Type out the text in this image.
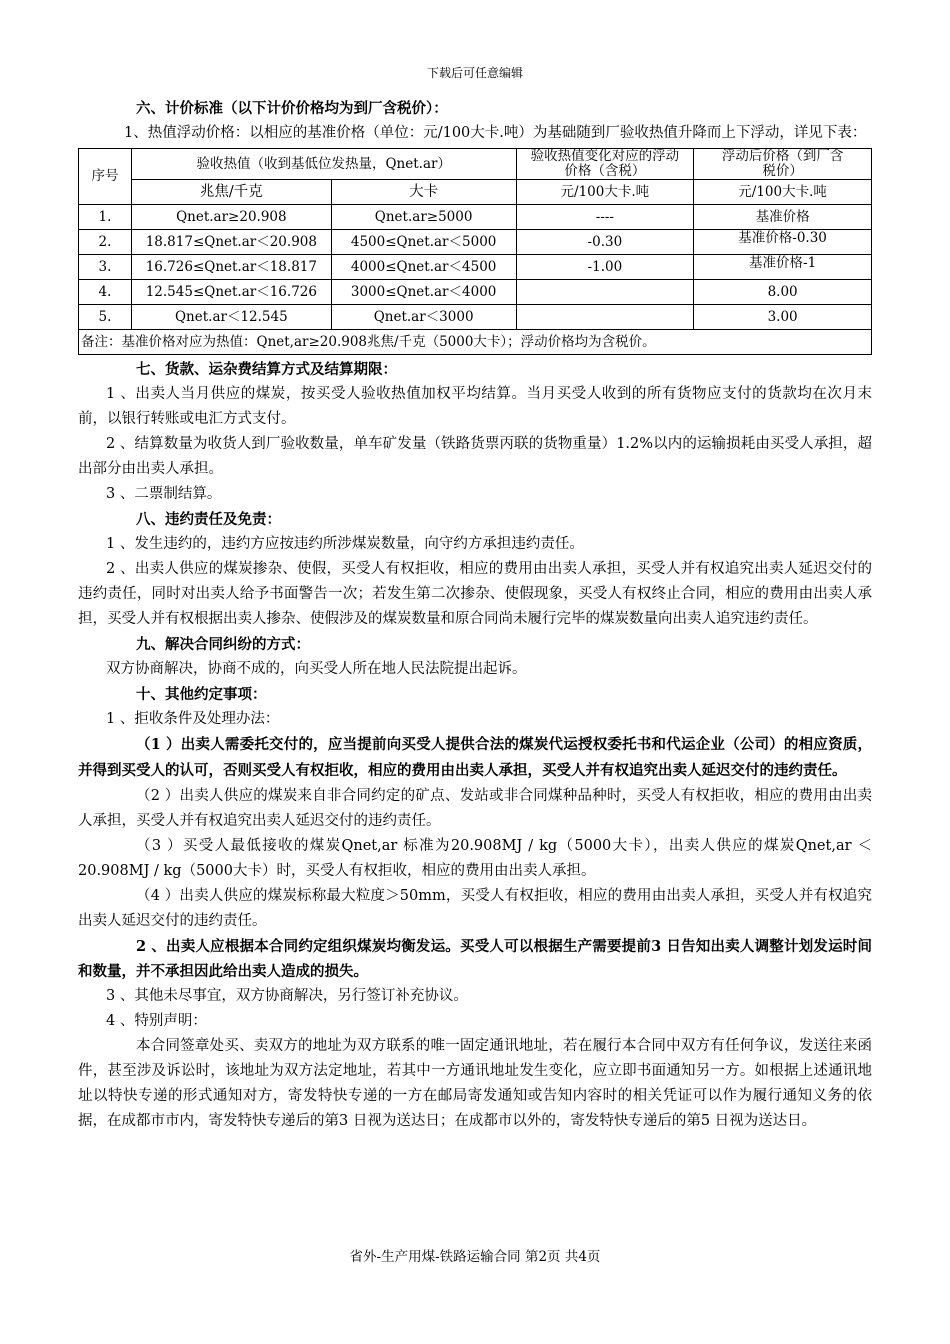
下载后可任意编辑

六、计价标准（以下计价价格均为到厂含税价）：

1、热值浮动价格：以相应的基准价格（单位：元/100大卡.吨）为基础随到厂验收热值升降而上下浮动，详见下表：

序号	验收热值（收到基低位发热量，Qnet.ar）		验收热值变化对应的浮动价格（含税）	浮动后价格（到厂含税价）
	兆焦/千克	大卡	元/100大卡.吨	元/100大卡.吨
1.	Qnet.ar≥20.908	Qnet.ar≥5000	----	基准价格
2.	18.817≤Qnet.ar＜20.908	4500≤Qnet.ar＜5000	-0.30	基准价格-0.30
3.	16.726≤Qnet.ar＜18.817	4000≤Qnet.ar＜4500	-1.00	基准价格-1
4.	12.545≤Qnet.ar＜16.726	3000≤Qnet.ar＜4000		8.00
5.	Qnet.ar＜12.545	Qnet.ar＜3000		3.00
备注：基准价格对应为热值：Qnet,ar≥20.908兆焦/千克（5000大卡）；浮动价格均为含税价。				

七、货款、运杂费结算方式及结算期限：

1 、出卖人当月供应的煤炭，按买受人验收热值加权平均结算。当月买受人收到的所有货物应支付的货款均在次月末前，以银行转账或电汇方式支付。

2 、结算数量为收货人到厂验收数量，单车矿发量（铁路货票丙联的货物重量）1.2%以内的运输损耗由买受人承担，超出部分由出卖人承担。

3 、二票制结算。

八、违约责任及免责：

1 、发生违约的，违约方应按违约所涉煤炭数量，向守约方承担违约责任。

2 、出卖人供应的煤炭掺杂、使假，买受人有权拒收，相应的费用由出卖人承担，买受人并有权追究出卖人延迟交付的违约责任，同时对出卖人给予书面警告一次；若发生第二次掺杂、使假现象，买受人有权终止合同，相应的费用由出卖人承担，买受人并有权根据出卖人掺杂、使假涉及的煤炭数量和原合同尚未履行完毕的煤炭数量向出卖人追究违约责任。

九、解决合同纠纷的方式：

双方协商解决，协商不成的，向买受人所在地人民法院提出起诉。

十、其他约定事项：

1 、拒收条件及处理办法：

（1 ）出卖人需委托交付的，应当提前向买受人提供合法的煤炭代运授权委托书和代运企业（公司）的相应资质，并得到买受人的认可，否则买受人有权拒收，相应的费用由出卖人承担，买受人并有权追究出卖人延迟交付的违约责任。

（2 ）出卖人供应的煤炭来自非合同约定的矿点、发站或非合同煤种品种时，买受人有权拒收，相应的费用由出卖人承担，买受人并有权追究出卖人延迟交付的违约责任。

（3 ）买受人最低接收的煤炭Qnet,ar 标准为20.908MJ / kg（5000大卡），出卖人供应的煤炭Qnet,ar ＜20.908MJ / kg（5000大卡）时，买受人有权拒收，相应的费用由出卖人承担。

（4 ）出卖人供应的煤炭标称最大粒度＞50mm，买受人有权拒收，相应的费用由出卖人承担，买受人并有权追究出卖人延迟交付的违约责任。

2 、出卖人应根据本合同约定组织煤炭均衡发运。买受人可以根据生产需要提前3 日告知出卖人调整计划发运时间和数量，并不承担因此给出卖人造成的损失。

3 、其他未尽事宜，双方协商解决，另行签订补充协议。

4 、特别声明：

本合同签章处买、卖双方的地址为双方联系的唯一固定通讯地址，若在履行本合同中双方有任何争议，发送往来函件，甚至涉及诉讼时，该地址为双方法定地址，若其中一方通讯地址发生变化，应立即书面通知另一方。如根据上述通讯地址以特快专递的形式通知对方，寄发特快专递的一方在邮局寄发通知或告知内容时的相关凭证可以作为履行通知义务的依据，在成都市市内，寄发特快专递后的第3 日视为送达日；在成都市以外的，寄发特快专递后的第5 日视为送达日。

省外-生产用煤-铁路运输合同 第2页 共4页
